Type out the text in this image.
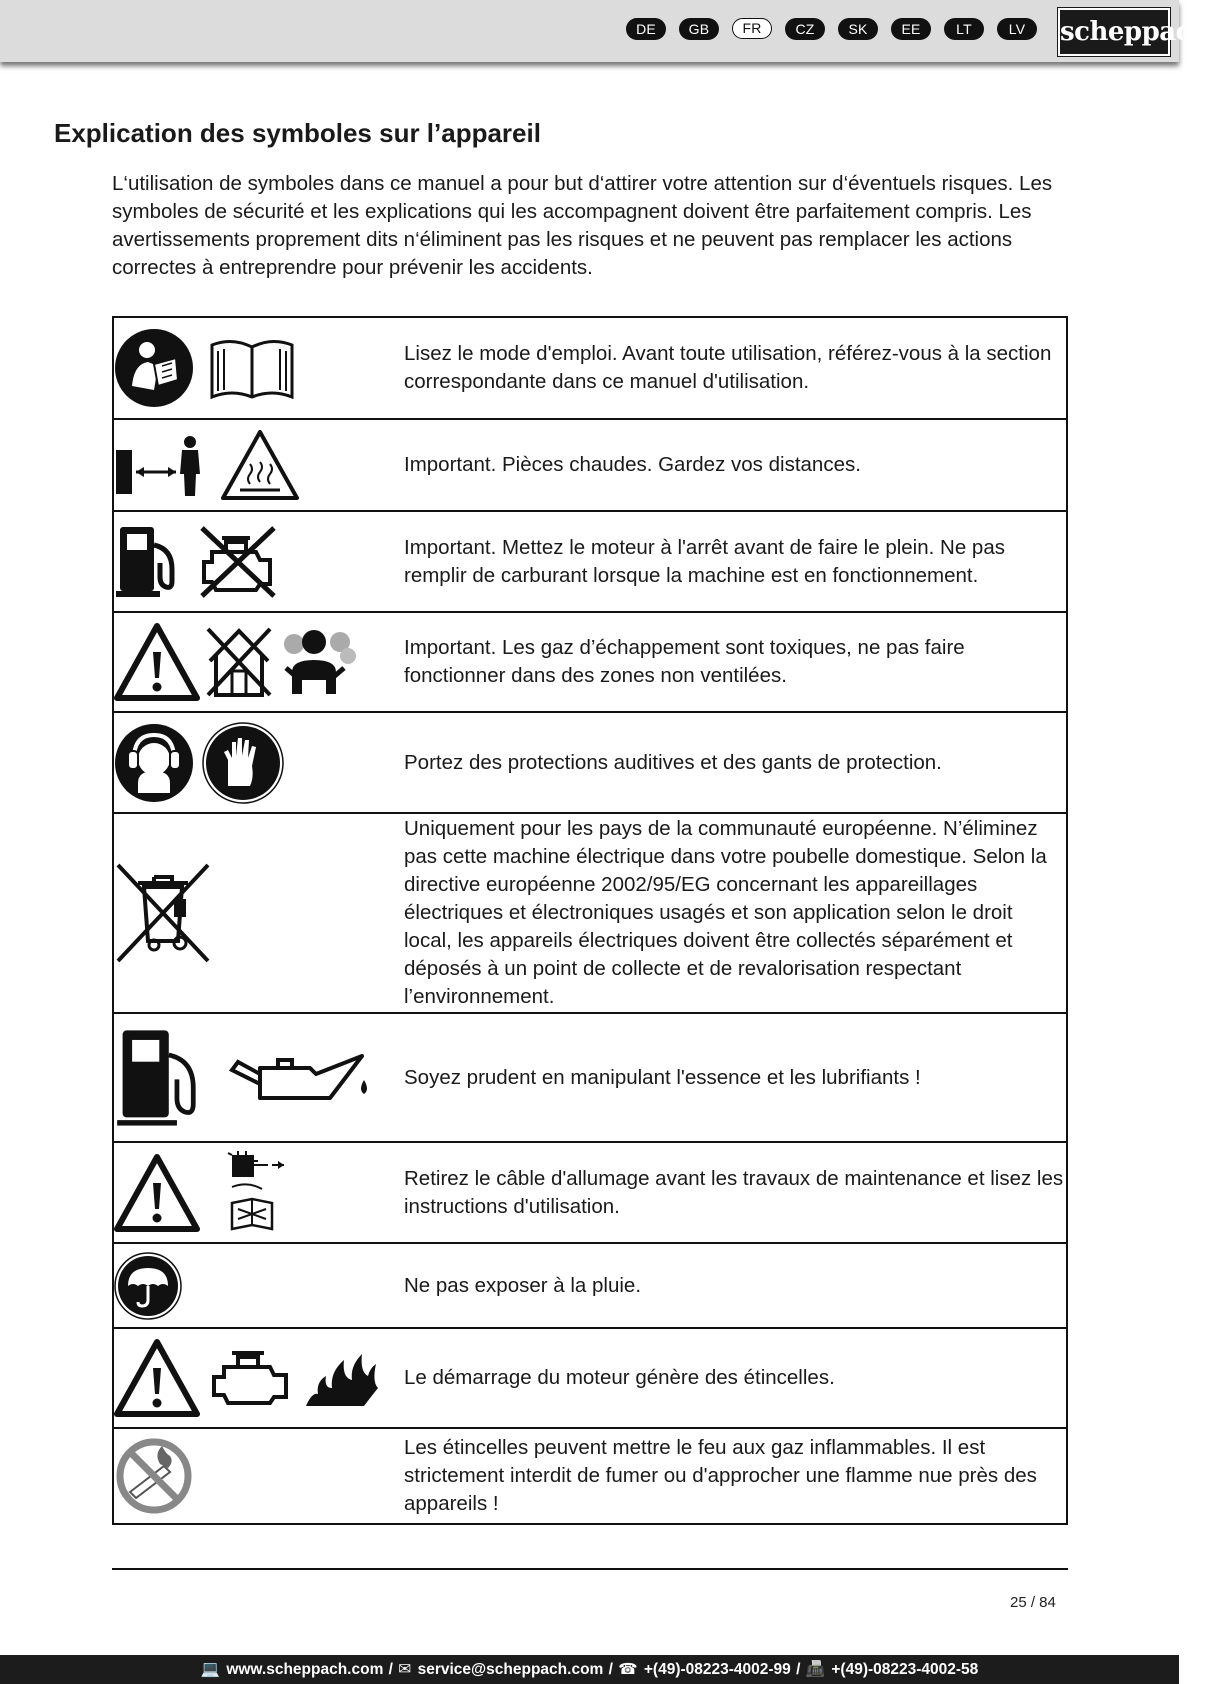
DE	GB	FR	CZ	SK	EE	LT	LV	scheppach
Explication des symboles sur l’appareil

L‘utilisation de symboles dans ce manuel a pour but d‘attirer votre attention sur d‘éventuels risques. Les symboles de sécurité et les explications qui les accompagnent doivent être parfaitement compris. Les avertissements proprement dits n‘éliminent pas les risques et ne peuvent pas remplacer les actions correctes à entreprendre pour prévenir les accidents.

	Lisez le mode d'emploi. Avant toute utilisation, référez-vous à la section correspondante dans ce manuel d'utilisation.

	Important. Pièces chaudes. Gardez vos distances.

	Important. Mettez le moteur à l'arrêt avant de faire le plein. Ne pas remplir de carburant lorsque la machine est en fonctionnement.

	Important. Les gaz d’échappement sont toxiques, ne pas faire fonctionner dans des zones non ventilées.

	Portez des protections auditives et des gants de protection.

	Uniquement pour les pays de la communauté européenne. N’éliminez pas cette machine électrique dans votre poubelle domestique. Selon la directive européenne 2002/95/EG concernant les appareillages électriques et électroniques usagés et son application selon le droit local, les appareils électriques doivent être collectés séparément et déposés à un point de collecte et de revalorisation respectant l’environnement.

	Soyez prudent en manipulant l'essence et les lubrifiants !

	Retirez le câble d'allumage avant les travaux de maintenance et lisez les instructions d'utilisation.

	Ne pas exposer à la pluie.

	Le démarrage du moteur génère des étincelles.

	Les étincelles peuvent mettre le feu aux gaz inflammables. Il est strictement interdit de fumer ou d'approcher une flamme nue près des appareils !
25 / 84
💻 www.scheppach.com / ✉ service@scheppach.com / ☎ +(49)-08223-4002-99 / 📠 +(49)-08223-4002-58
